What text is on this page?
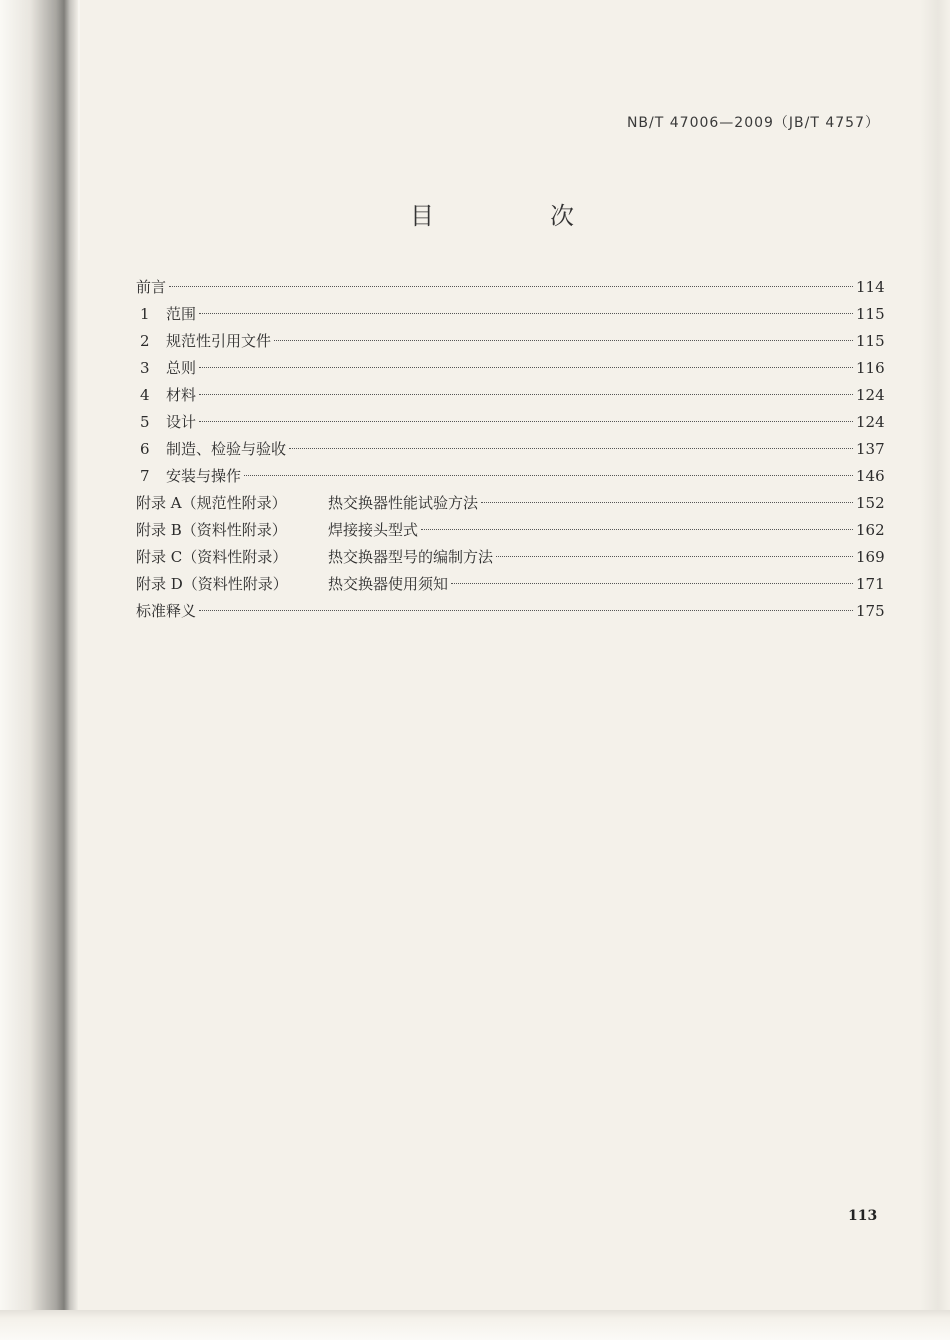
NB/T 47006—2009（JB/T 4757）
目　次
前言	114
1	范围	115
2	规范性引用文件	115
3	总则	116
4	材料	124
5	设计	124
6	制造、检验与验收	137
7	安装与操作	146
附录 A（规范性附录）	热交换器性能试验方法	152
附录 B（资料性附录）	焊接接头型式	162
附录 C（资料性附录）	热交换器型号的编制方法	169
附录 D（资料性附录）	热交换器使用须知	171
标准释义	175
113
